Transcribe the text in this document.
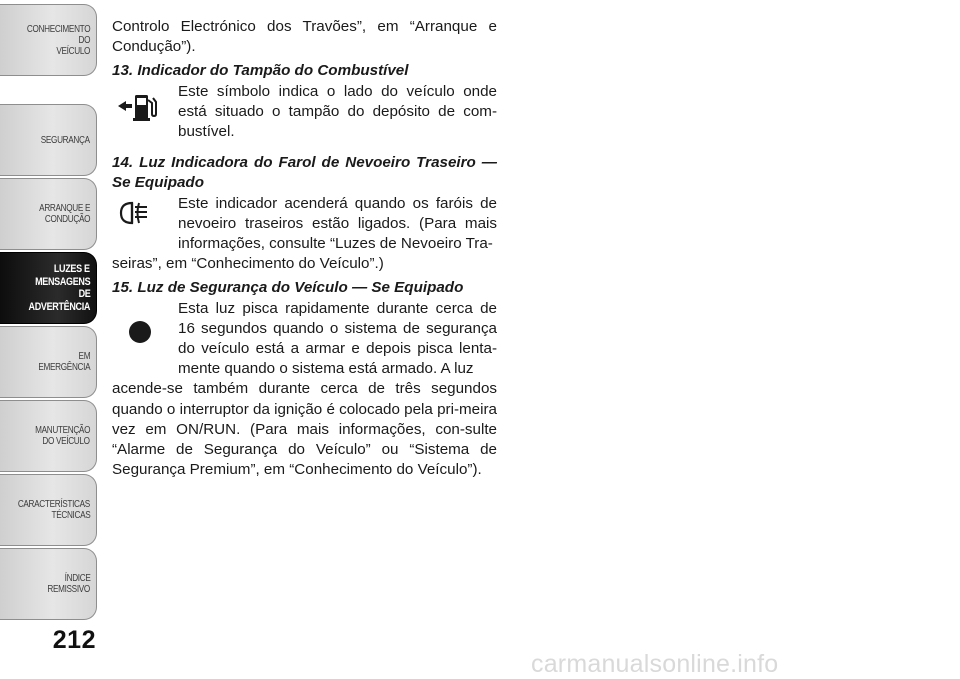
CONHECIMENTO
DO
VEÍCULO
SEGURANÇA
ARRANQUE E
CONDUÇÃO
LUZES E
MENSAGENS
DE
ADVERTÊNCIA
EM
EMERGÊNCIA
MANUTENÇÃO
DO VEÍCULO
CARACTERÍSTICAS
TÉCNICAS
ÍNDICE
REMISSIVO
212

Controlo Electrónico dos Travões”, em “Arranque e Condução”).

13. Indicador do Tampão do Combustível

Este símbolo indica o lado do veículo onde está situado o tampão do depósito de com-bustível.

14. Luz Indicadora do Farol de Nevoeiro Traseiro — Se Equipado

Este indicador acenderá quando os faróis de nevoeiro traseiros estão ligados. (Para mais informações, consulte “Luzes de Nevoeiro Tra-

seiras”, em “Conhecimento do Veículo”.)

15. Luz de Segurança do Veículo — Se Equipado

Esta luz pisca rapidamente durante cerca de 16 segundos quando o sistema de segurança do veículo está a armar e depois pisca lenta-mente quando o sistema está armado. A luz

acende-se também durante cerca de três segundos quando o interruptor da ignição é colocado pela pri-meira vez em ON/RUN. (Para mais informações, con-sulte “Alarme de Segurança do Veículo” ou “Sistema de Segurança Premium”, em “Conhecimento do Veículo”).

carmanualsonline.info
